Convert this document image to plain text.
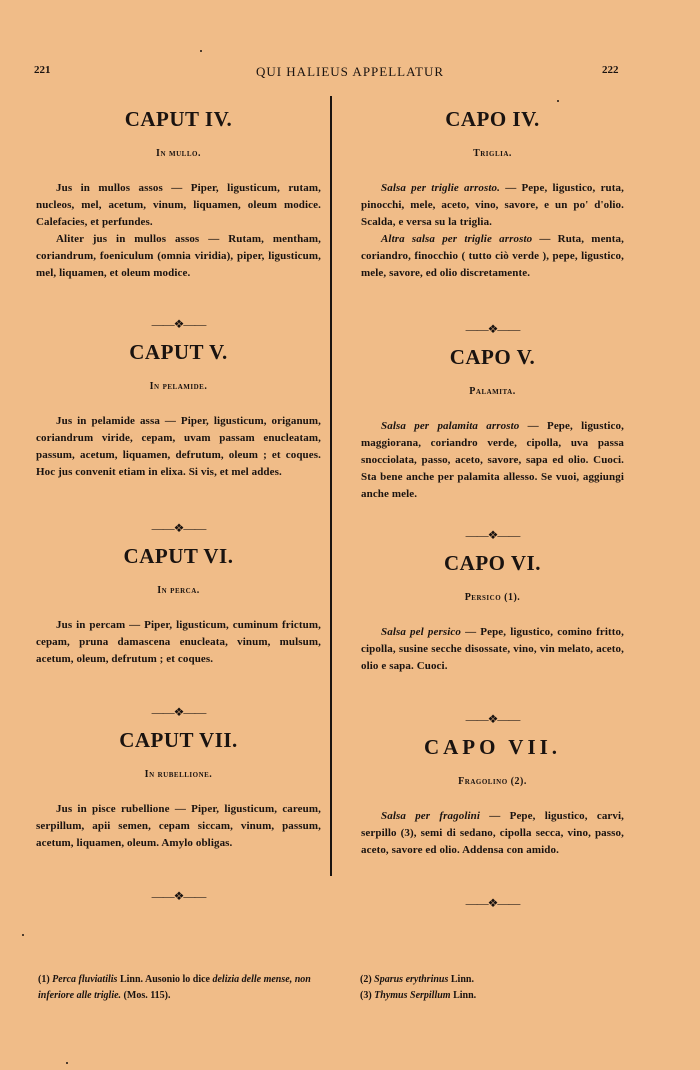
221	QUI HALIEUS APPELLATUR	222
CAPUT IV.
In mullo.

Jus in mullos assos — Piper, ligusticum, rutam, nucleos, mel, acetum, vinum, liquamen, oleum modice. Calefacies, et perfundes.

Aliter jus in mullos assos — Rutam, mentham, coriandrum, foeniculum (omnia viridia), piper, ligusticum, mel, liquamen, et oleum modice.

——❖——
CAPUT V.
In pelamide.

Jus in pelamide assa — Piper, ligusticum, origanum, coriandrum viride, cepam, uvam passam enucleatam, passum, acetum, liquamen, defrutum, oleum ; et coques. Hoc jus convenit etiam in elixa. Si vis, et mel addes.

——❖——
CAPUT VI.
In perca.

Jus in percam — Piper, ligusticum, cuminum frictum, cepam, pruna damascena enucleata, vinum, mulsum, acetum, oleum, defrutum ; et coques.

——❖——
CAPUT VII.
In rubellione.

Jus in pisce rubellione — Piper, ligusticum, careum, serpillum, apii semen, cepam siccam, vinum, passum, acetum, liquamen, oleum. Amylo obligas.

——❖——
CAPO IV.
Triglia.

Salsa per triglie arrosto. — Pepe, ligustico, ruta, pinocchi, mele, aceto, vino, savore, e un po' d'olio. Scalda, e versa su la triglia.

Altra salsa per triglie arrosto — Ruta, menta, coriandro, finocchio ( tutto ciò verde ), pepe, ligustico, mele, savore, ed olio discretamente.

——❖——
CAPO V.
Palamita.

Salsa per palamita arrosto — Pepe, ligustico, maggiorana, coriandro verde, cipolla, uva passa snocciolata, passo, aceto, savore, sapa ed olio. Cuoci. Sta bene anche per palamita allesso. Se vuoi, aggiungi anche mele.

——❖——
CAPO VI.
Persico (1).

Salsa pel persico — Pepe, ligustico, comino fritto, cipolla, susine secche disossate, vino, vin melato, aceto, olio e sapa. Cuoci.

——❖——
CAPO VII.
Fragolino (2).

Salsa per fragolini — Pepe, ligustico, carvi, serpillo (3), semi di sedano, cipolla secca, vino, passo, aceto, savore ed olio. Addensa con amido.

——❖——

(1) Perca fluviatilis Linn. Ausonio lo dice delizia delle mense, non inferiore alle triglie. (Mos. 115).

(2) Sparus erythrinus Linn.

(3) Thymus Serpillum Linn.
